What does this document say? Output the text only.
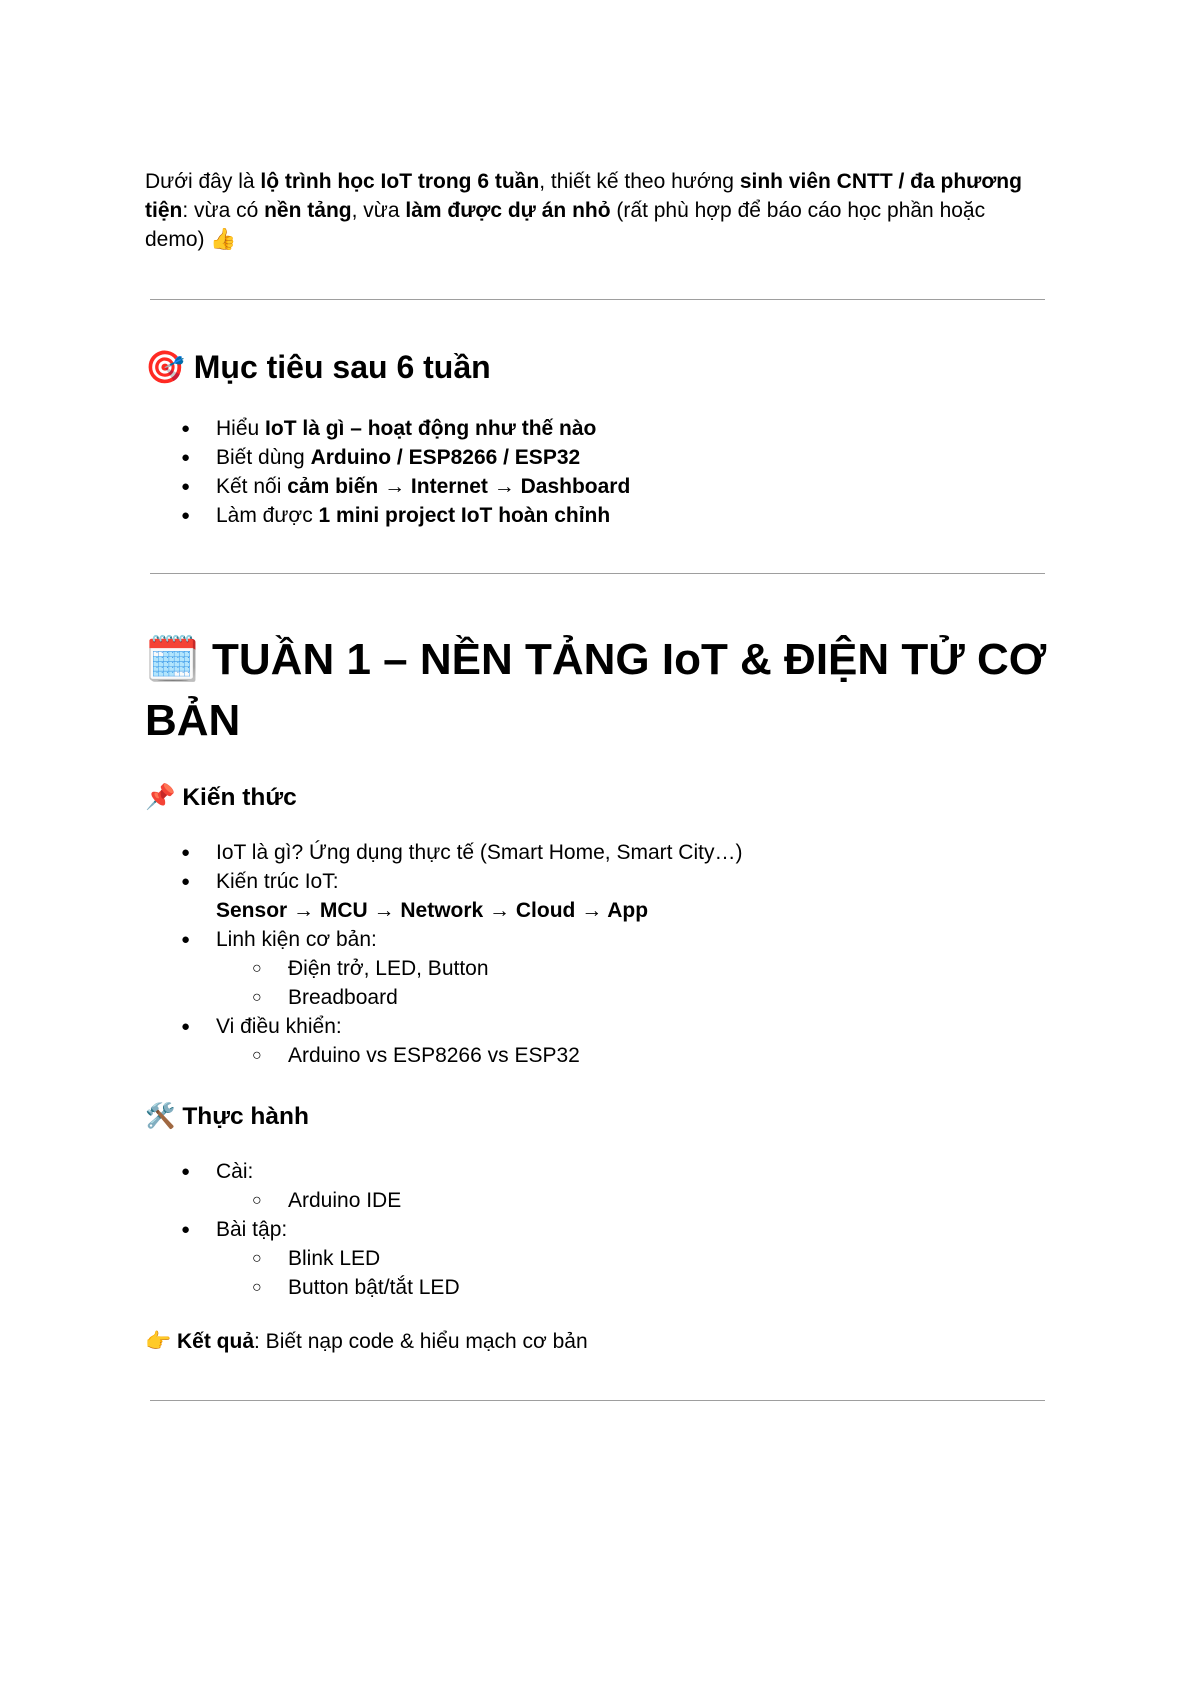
Dưới đây là lộ trình học IoT trong 6 tuần, thiết kế theo hướng sinh viên CNTT / đa phương tiện: vừa có nền tảng, vừa làm được dự án nhỏ (rất phù hợp để báo cáo học phần hoặc demo) 👍

🎯 Mục tiêu sau 6 tuần
● Hiểu IoT là gì – hoạt động như thế nào
● Biết dùng Arduino / ESP8266 / ESP32
● Kết nối cảm biến → Internet → Dashboard
● Làm được 1 mini project IoT hoàn chỉnh
🗓️ TUẦN 1 – NỀN TẢNG IoT & ĐIỆN TỬ CƠ BẢN
📌 Kiến thức
● IoT là gì? Ứng dụng thực tế (Smart Home, Smart City…)
● Kiến trúc IoT:
Sensor → MCU → Network → Cloud → App
● Linh kiện cơ bản:
○ Điện trở, LED, Button
○ Breadboard
● Vi điều khiển:
○ Arduino vs ESP8266 vs ESP32
🛠️ Thực hành
● Cài:
○ Arduino IDE
● Bài tập:
○ Blink LED
○ Button bật/tắt LED
👉 Kết quả: Biết nạp code & hiểu mạch cơ bản
